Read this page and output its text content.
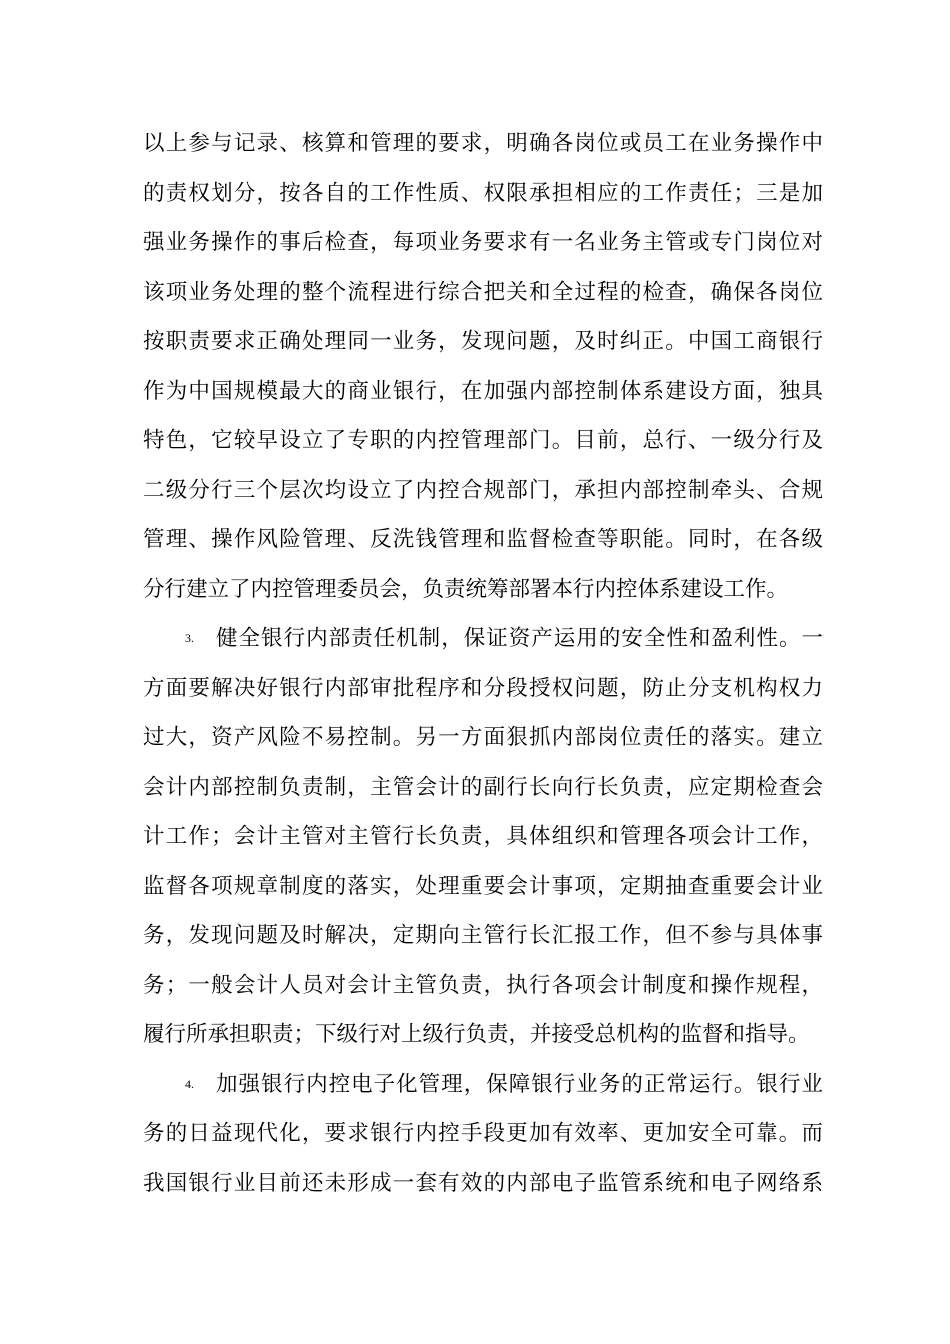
以上参与记录、核算和管理的要求，明确各岗位或员工在业务操作中
的责权划分，按各自的工作性质、权限承担相应的工作责任；三是加
强业务操作的事后检查，每项业务要求有一名业务主管或专门岗位对
该项业务处理的整个流程进行综合把关和全过程的检查，确保各岗位
按职责要求正确处理同一业务，发现问题，及时纠正。中国工商银行
作为中国规模最大的商业银行，在加强内部控制体系建设方面，独具
特色，它较早设立了专职的内控管理部门。目前，总行、一级分行及
二级分行三个层次均设立了内控合规部门，承担内部控制牵头、合规
管理、操作风险管理、反洗钱管理和监督检查等职能。同时，在各级
分行建立了内控管理委员会，负责统筹部署本行内控体系建设工作。
3. 健全银行内部责任机制，保证资产运用的安全性和盈利性。一
方面要解决好银行内部审批程序和分段授权问题，防止分支机构权力
过大，资产风险不易控制。另一方面狠抓内部岗位责任的落实。建立
会计内部控制负责制，主管会计的副行长向行长负责，应定期检查会
计工作；会计主管对主管行长负责，具体组织和管理各项会计工作，
监督各项规章制度的落实，处理重要会计事项，定期抽查重要会计业
务，发现问题及时解决，定期向主管行长汇报工作，但不参与具体事
务；一般会计人员对会计主管负责，执行各项会计制度和操作规程，
履行所承担职责；下级行对上级行负责，并接受总机构的监督和指导。
4. 加强银行内控电子化管理，保障银行业务的正常运行。银行业
务的日益现代化，要求银行内控手段更加有效率、更加安全可靠。而
我国银行业目前还未形成一套有效的内部电子监管系统和电子网络系
